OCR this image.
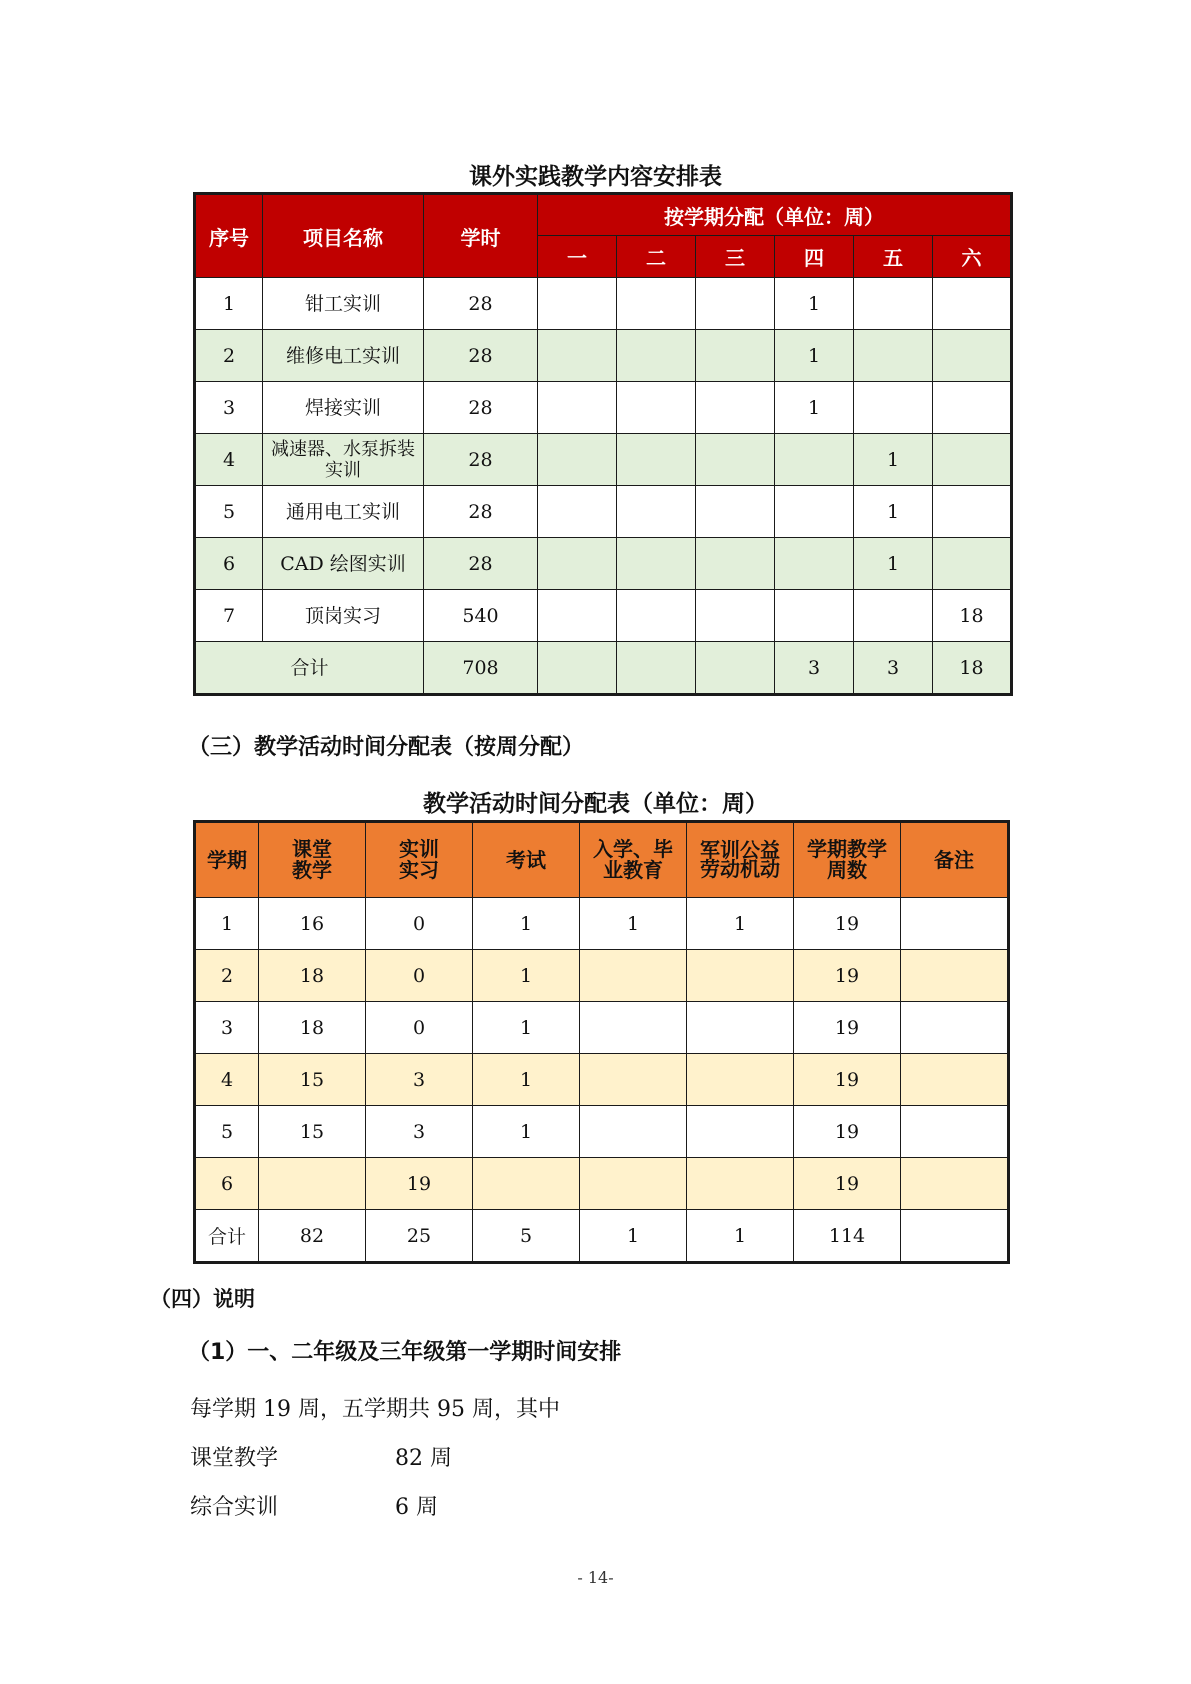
课外实践教学内容安排表
序号	项目名称	学时	按学期分配（单位：周）					
			一	二	三	四	五	六
1	钳工实训	28				1		
2	维修电工实训	28				1		
3	焊接实训	28				1		
4	减速器、水泵拆装实训	28					1	
5	通用电工实训	28					1	
6	CAD 绘图实训	28					1	
7	顶岗实习	540						18
合计		708				3	3	18
（三）教学活动时间分配表（按周分配）
教学活动时间分配表（单位：周）
学期	课堂教学	实训实习	考试	入学、毕业教育	军训公益劳动机动	学期教学周数	备注
1	16	0	1	1	1	19	
2	18	0	1			19	
3	18	0	1			19	
4	15	3	1			19	
5	15	3	1			19	
6		19				19	
合计	82	25	5	1	1	114	
（四）说明
（1）一、二年级及三年级第一学期时间安排
每学期 19 周，五学期共 95 周，其中
课堂教学	82 周
综合实训	6 周
- 14-
